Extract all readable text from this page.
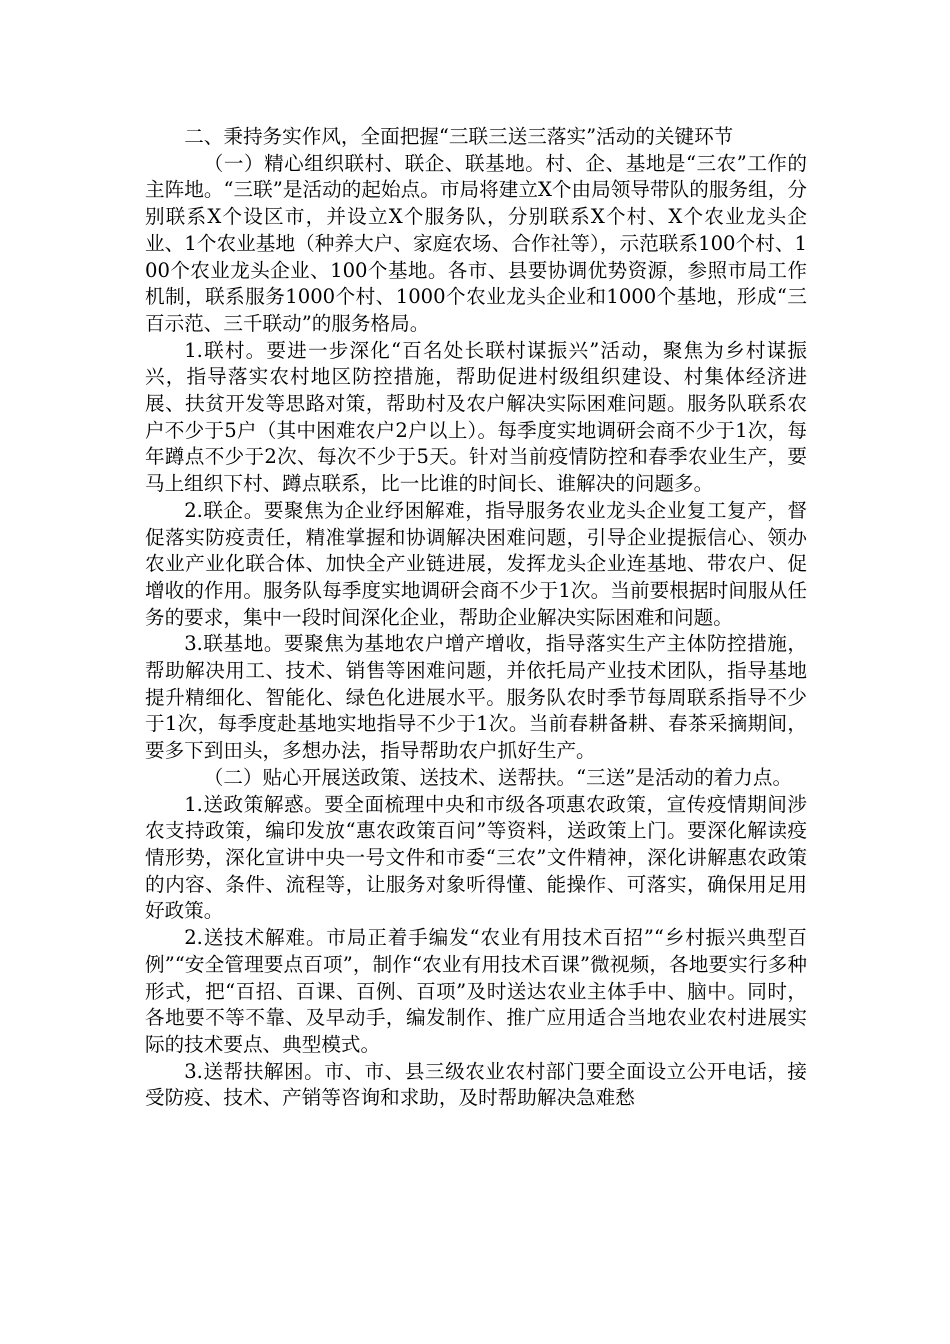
二、秉持务实作风，全面把握“三联三送三落实”活动的关键环节

（一）精心组织联村、联企、联基地。村、企、基地是“三农”工作的主阵地。“三联”是活动的起始点。市局将建立X个由局领导带队的服务组，分别联系X个设区市，并设立X个服务队，分别联系X个村、X个农业龙头企业、1个农业基地（种养大户、家庭农场、合作社等），示范联系100个村、100个农业龙头企业、100个基地。各市、县要协调优势资源，参照市局工作机制，联系服务1000个村、1000个农业龙头企业和1000个基地，形成“三百示范、三千联动”的服务格局。

1.联村。要进一步深化“百名处长联村谋振兴”活动，聚焦为乡村谋振兴，指导落实农村地区防控措施，帮助促进村级组织建设、村集体经济进展、扶贫开发等思路对策，帮助村及农户解决实际困难问题。服务队联系农户不少于5户（其中困难农户2户以上）。每季度实地调研会商不少于1次，每年蹲点不少于2次、每次不少于5天。针对当前疫情防控和春季农业生产，要马上组织下村、蹲点联系，比一比谁的时间长、谁解决的问题多。

2.联企。要聚焦为企业纾困解难，指导服务农业龙头企业复工复产，督促落实防疫责任，精准掌握和协调解决困难问题，引导企业提振信心、领办农业产业化联合体、加快全产业链进展，发挥龙头企业连基地、带农户、促增收的作用。服务队每季度实地调研会商不少于1次。当前要根据时间服从任务的要求，集中一段时间深化企业，帮助企业解决实际困难和问题。

3.联基地。要聚焦为基地农户增产增收，指导落实生产主体防控措施，帮助解决用工、技术、销售等困难问题，并依托局产业技术团队，指导基地提升精细化、智能化、绿色化进展水平。服务队农时季节每周联系指导不少于1次，每季度赴基地实地指导不少于1次。当前春耕备耕、春茶采摘期间，要多下到田头，多想办法，指导帮助农户抓好生产。

（二）贴心开展送政策、送技术、送帮扶。“三送”是活动的着力点。

1.送政策解惑。要全面梳理中央和市级各项惠农政策，宣传疫情期间涉农支持政策，编印发放“惠农政策百问”等资料，送政策上门。要深化解读疫情形势，深化宣讲中央一号文件和市委“三农”文件精神，深化讲解惠农政策的内容、条件、流程等，让服务对象听得懂、能操作、可落实，确保用足用好政策。

2.送技术解难。市局正着手编发“农业有用技术百招”“乡村振兴典型百例”“安全管理要点百项”，制作“农业有用技术百课”微视频，各地要实行多种形式，把“百招、百课、百例、百项”及时送达农业主体手中、脑中。同时，各地要不等不靠、及早动手，编发制作、推广应用适合当地农业农村进展实际的技术要点、典型模式。

3.送帮扶解困。市、市、县三级农业农村部门要全面设立公开电话，接受防疫、技术、产销等咨询和求助，及时帮助解决急难愁
